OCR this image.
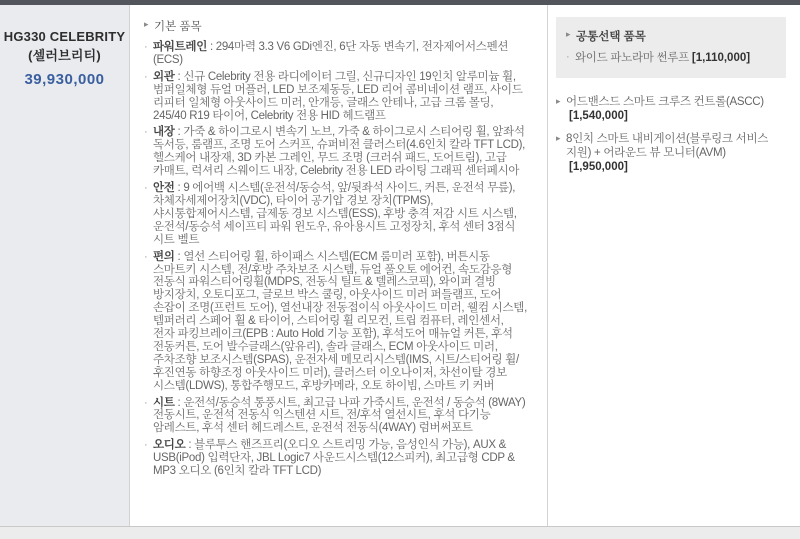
HG330 CELEBRITY
(셀러브리티)
39,930,000
▸ 기본 품목
· 파워트레인 : 294마력 3.3 V6 GDi엔진, 6단 자동 변속기, 전자제어서스펜션(ECS)
· 외관 : 신규 Celebrity 전용 라디에이터 그릴, 신규디자인 19인치 알루미늄 휠, 범퍼일체형 듀얼 머플러, LED 보조제동등, LED 리어 콤비네이션 램프, 사이드 리피터 일체형 아웃사이드 미러, 안개등, 글래스 안테나, 고급 크롬 몰딩, 245/40 R19 타이어, Celebrity 전용 HID 헤드램프
· 내장 : 가죽 & 하이그로시 변속기 노브, 가죽 & 하이그로시 스티어링 휠, 앞좌석 독서등, 룸램프, 조명 도어 스커프, 슈퍼비전 클러스터(4.6인치 칼라 TFT LCD), 헬스케어 내장재, 3D 카본 그레인, 무드 조명 (크러쉬 패드, 도어트림), 고급 카매트, 럭셔리 스웨이드 내장, Celebrity 전용 LED 라이팅 그래픽 센터페시아
· 안전 : 9 에어백 시스템(운전석/동승석, 앞/뒷좌석 사이드, 커튼, 운전석 무릎), 차체자세제어장치(VDC), 타이어 공기압 경보 장치(TPMS), 샤시통합제어시스템, 급제동 경보 시스템(ESS), 후방 충격 저감 시트 시스템, 운전석/동승석 세이프티 파워 윈도우, 유아용시트 고정장치, 후석 센터 3점식 시트 벨트
· 편의 : 열선 스티어링 휠, 하이패스 시스템(ECM 룸미러 포함), 버튼시동 스마트키 시스템, 전/후방 주차보조 시스템, 듀얼 풀오토 에어컨, 속도감응형 전동식 파워스티어링휠(MDPS, 전동식 틸트 & 텔레스코픽), 와이퍼 결빙 방지장치, 오토디포그, 글로브 박스 쿨링, 아웃사이드 미러 퍼들램프, 도어 손잡이 조명(프런트 도어), 열선내장 전동접이식 아웃사이드 미러, 웰컴 시스템, 템퍼러리 스페어 휠 & 타이어, 스티어링 휠 리모컨, 트립 컴퓨터, 레인센서, 전자 파킹브레이크(EPB : Auto Hold 기능 포함), 후석도어 매뉴얼 커튼, 후석 전동커튼, 도어 발수글래스(앞유리), 솔라 글래스, ECM 아웃사이드 미러, 주차조향 보조시스템(SPAS), 운전자세 메모리시스템(IMS, 시트/스티어링 휠/ 후진연동 하향조정 아웃사이드 미러), 클러스터 이오나이저, 차선이탈 경보 시스템(LDWS), 통합주행모드, 후방카메라, 오토 하이빔, 스마트 키 커버
· 시트 : 운전석/동승석 통풍시트, 최고급 나파 가죽시트, 운전석 / 동승석 (8WAY) 전동시트, 운전석 전동식 익스텐션 시트, 전/후석 열선시트, 후석 다기능 암레스트, 후석 센터 헤드레스트, 운전석 전동식(4WAY) 럼버써포트
· 오디오 : 블루투스 핸즈프리(오디오 스트리밍 가능, 음성인식 가능), AUX & USB(iPod) 입력단자, JBL Logic7 사운드시스템(12스피커), 최고급형 CDP & MP3 오디오 (6인치 칼라 TFT LCD)
▸ 공통선택 품목
· 와이드 파노라마 썬루프 [1,110,000]
▸ 어드밴스드 스마트 크루즈 컨트롤(ASCC)[1,540,000]
▸ 8인치 스마트 내비게이션(블루링크 서비스 지원) + 어라운드 뷰 모니터(AVM)[1,950,000]
